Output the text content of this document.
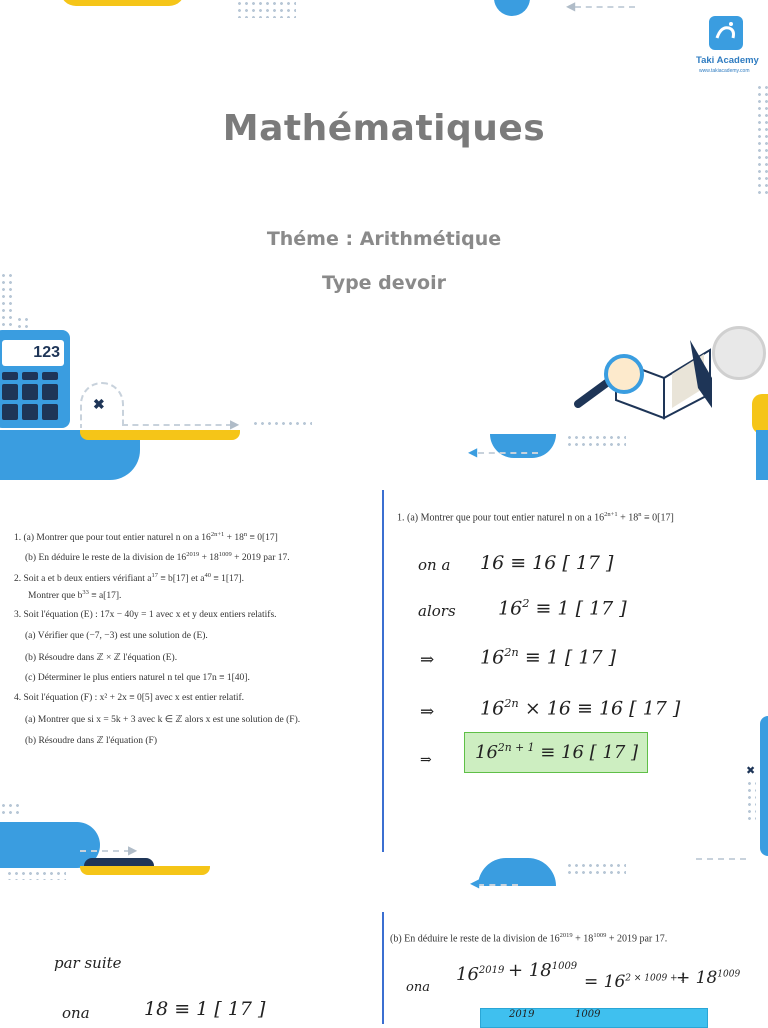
◀
Taki Academy
www.takiacademy.com
Mathématiques
Théme : Arithmétique
Type devoir
123
✖
▶
◀
1. (a) Montrer que pour tout entier naturel n on a $16^{2n+1} + 18^n \equiv 0[17]$
(b) En déduire le reste de la division de $16^{2019} + 18^{1009} + 2019$ par 17.
2. Soit a et b deux entiers vérifiant $a^{17} \equiv b[17]$ et $a^{40} \equiv 1[17]$.
Montrer que $b^{33} \equiv a[17]$.
3. Soit l'équation (E) : 17x − 40y = 1 avec x et y deux entiers relatifs.
(a) Vérifier que (−7, −3) est une solution de (E).
(b) Résoudre dans ℤ × ℤ l'équation (E).
(c) Déterminer le plus entiers naturel n tel que 17n ≡ 1[40].
4. Soit l'équation (F) : x² + 2x ≡ 0[5] avec x est entier relatif.
(a) Montrer que si x = 5k + 3 avec k ∈ ℤ alors x est une solution de (F).
(b) Résoudre dans ℤ l'équation (F)
▶
1. (a) Montrer que pour tout entier naturel n on a $16^{2n+1} + 18^n \equiv 0[17]$
on a 16 ≡ 16 [ 17 ]
alors $16^2 \equiv 1$ [ 17 ]
⇒ $16^{2n} \equiv 1$ [ 17 ]
⇒ $16^{2n} \times 16 \equiv 16$ [ 17 ]
⇒ $16^{2n + 1} \equiv 16$ [ 17 ]
✖
◀
par suite
ona	18 ≡ 1 [ 17 ]
(b) En déduire le reste de la division de $16^{2019} + 18^{1009} + 2019$ par 17.
ona
$16^{2019} + 18^{1009}$
= $16^{2 \times 1009 + 1}$
+ $18^{1009}$
2019	1009
